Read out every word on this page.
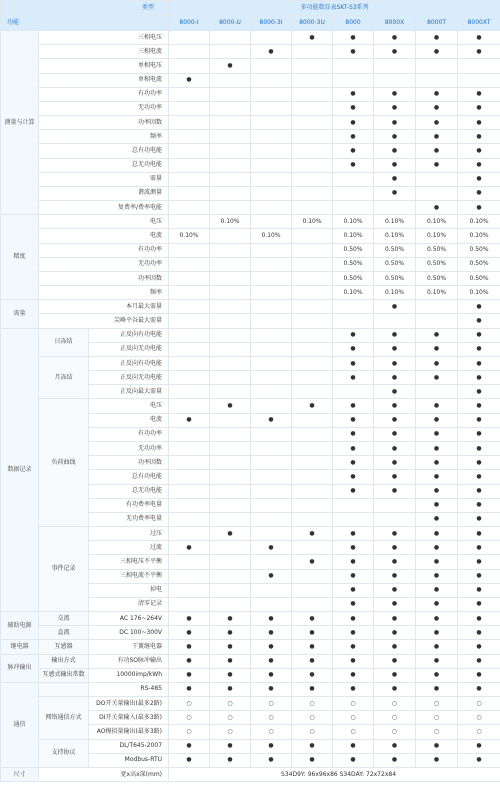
类型			多功能数显表SKT-S3系列							
功能			8000-I	8000-U	8000-3I	8000-3U	8000	8000X	8000T	8000XT
测量与计算	三相电压					●	●	●	●	●
	三相电流				●		●	●	●	●
	单相电压			●						
	单相电流		●							
	有功功率						●	●	●	●
	无功功率						●	●	●	●
	功率因数						●	●	●	●
	频率						●	●	●	●
	总有功电能						●	●	●	●
	总无功电能						●	●	●	●
	需量							●		●
	谐波测量							●		●
	复费率/费率电能								●	●
精度	电压			0.10%		0.10%	0.10%	0.10%	0.10%	0.10%
	电流		0.10%		0.10%		0.10%	0.10%	0.10%	0.10%
	有功功率						0.50%	0.50%	0.50%	0.50%
	无功功率						0.50%	0.50%	0.50%	0.50%
	功率因数						0.50%	0.50%	0.50%	0.50%
	频率						0.10%	0.10%	0.10%	0.10%
需量	本月最大需量							●		●
	尖峰平谷最大需量									●
数据记录	日冻结	正反向有功电能					●	●	●	●
		正反向无功电能					●	●	●	●
	月冻结	正反向有功电能					●	●	●	●
		正反向无功电能					●	●	●	●
		正反向最大需量						●		●
	负荷曲线	电压		●		●	●	●	●	●
		电流	●		●		●	●	●	●
		有功功率					●	●	●	●
		无功功率					●	●	●	●
		功率因数					●	●	●	●
		总有功电能					●	●	●	●
		总无功电能					●	●	●	●
		有功费率电量							●	●
		无功费率电量							●	●
	事件记录	过压		●		●	●	●	●	●
		过流	●		●		●	●	●	●
		三相电压不平衡				●	●	●	●	●
		三相电流不平衡			●		●	●	●	●
		掉电					●	●	●	●
		清零记录					●	●	●	●
辅助电源	交流	AC 176~264V	●	●	●	●	●	●	●	●
	直流	DC 100~300V	●	●	●	●	●	●	●	●
继电器	互感器	干簧继电器	●	●	●	●	●	●	●	●
脉冲输出	输出方式	有功SO脉冲输出	●	●	●	●	●	●	●	●
	互感式输出常数	10000imp/kWh	●	●	●	●	●	●	●	●
通信		RS-485	●	●	●	●	●	●	●	●
	网络通信方式	DO开关量输出(最多2路)	○	○	○	○	○	○	○	○
		DI开关量输入(最多3路)	○	○	○	○	○	○	○	○
		AO模拟量输出(最多3路)	○	○	○	○	○	○	○	○
	支持协议	DL/T645-2007	●	●	●	●	●	●	●	●
		Modbus-RTU	●	●	●	●	●	●	●	●
尺寸	宽x高x深(mm)		S34D9Y: 96x96x86 S34DAY: 72x72x84							
